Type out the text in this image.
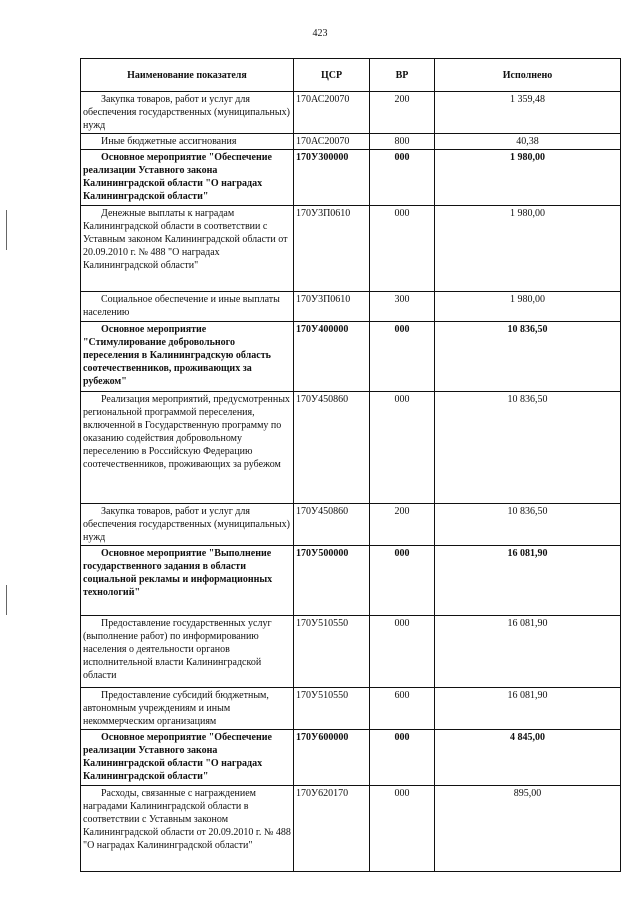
423
Наименование показателя	ЦСР	ВР	Исполнено
Закупка товаров, работ и услуг для обеспечения государственных (муниципальных) нужд	170АС20070	200	1 359,48
Иные бюджетные ассигнования	170АС20070	800	40,38
Основное мероприятие "Обеспечение реализации Уставного закона Калининградской области "О наградах Калининградской области"	170У300000	000	1 980,00
Денежные выплаты к наградам Калининградской области в соответствии с Уставным законом Калининградской области от 20.09.2010 г. № 488 "О наградах Калининградской области"	170У3П0610	000	1 980,00
Социальное обеспечение и иные выплаты населению	170У3П0610	300	1 980,00
Основное мероприятие "Стимулирование добровольного переселения в Калининградскую область соотечественников, проживающих за рубежом"	170У400000	000	10 836,50
Реализация мероприятий, предусмотренных региональной программой переселения, включенной в Государственную программу по оказанию содействия добровольному переселению в Российскую Федерацию соотечественников, проживающих за рубежом	170У450860	000	10 836,50
Закупка товаров, работ и услуг для обеспечения государственных (муниципальных) нужд	170У450860	200	10 836,50
Основное мероприятие "Выполнение государственного задания в области социальной рекламы и информационных технологий"	170У500000	000	16 081,90
Предоставление государственных услуг (выполнение работ) по информированию населения о деятельности органов исполнительной власти Калининградской области	170У510550	000	16 081,90
Предоставление субсидий бюджетным, автономным учреждениям и иным некоммерческим организациям	170У510550	600	16 081,90
Основное мероприятие "Обеспечение реализации Уставного закона Калининградской области "О наградах Калининградской области"	170У600000	000	4 845,00
Расходы, связанные с награждением наградами Калининградской области в соответствии с Уставным законом Калининградской области от 20.09.2010 г. № 488 "О наградах Калининградской области"	170У620170	000	895,00
